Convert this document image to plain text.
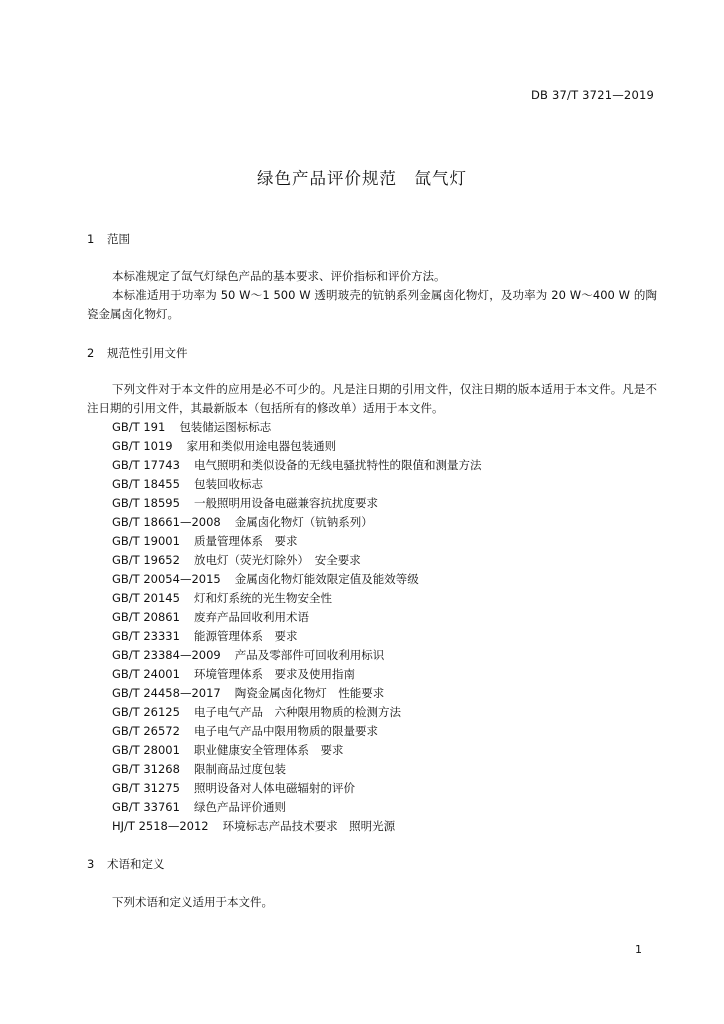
DB 37/T 3721—2019
绿色产品评价规范　氙气灯
1 范围
本标准规定了氙气灯绿色产品的基本要求、评价指标和评价方法。
本标准适用于功率为 50 W～1 500 W 透明玻壳的钪钠系列金属卤化物灯，及功率为 20 W～400 W 的陶瓷金属卤化物灯。
2 规范性引用文件
下列文件对于本文件的应用是必不可少的。凡是注日期的引用文件，仅注日期的版本适用于本文件。凡是不注日期的引用文件，其最新版本（包括所有的修改单）适用于本文件。
GB/T 191 包装储运图标标志
GB/T 1019 家用和类似用途电器包装通则
GB/T 17743 电气照明和类似设备的无线电骚扰特性的限值和测量方法
GB/T 18455 包装回收标志
GB/T 18595 一般照明用设备电磁兼容抗扰度要求
GB/T 18661—2008 金属卤化物灯（钪钠系列）
GB/T 19001 质量管理体系　要求
GB/T 19652 放电灯（荧光灯除外）　安全要求
GB/T 20054—2015 金属卤化物灯能效限定值及能效等级
GB/T 20145 灯和灯系统的光生物安全性
GB/T 20861 废弃产品回收利用术语
GB/T 23331 能源管理体系　要求
GB/T 23384—2009 产品及零部件可回收利用标识
GB/T 24001 环境管理体系　要求及使用指南
GB/T 24458—2017 陶瓷金属卤化物灯　性能要求
GB/T 26125 电子电气产品　六种限用物质的检测方法
GB/T 26572 电子电气产品中限用物质的限量要求
GB/T 28001 职业健康安全管理体系　要求
GB/T 31268 限制商品过度包装
GB/T 31275 照明设备对人体电磁辐射的评价
GB/T 33761 绿色产品评价通则
HJ/T 2518—2012 环境标志产品技术要求　照明光源
3 术语和定义
下列术语和定义适用于本文件。
1
